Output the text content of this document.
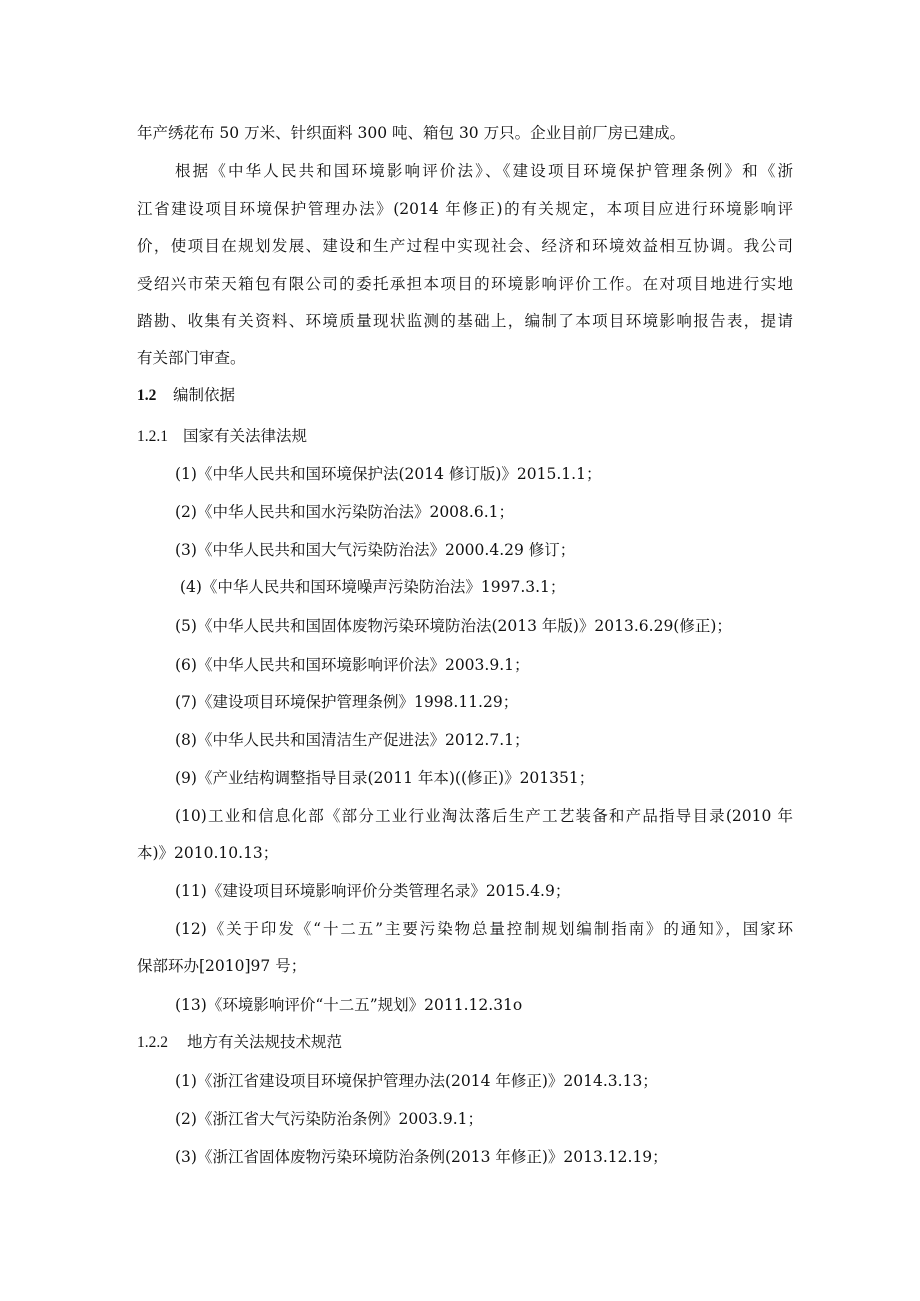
年产绣花布 50 万米、针织面料 300 吨、箱包 30 万只。企业目前厂房已建成。
根据《中华人民共和国环境影响评价法》、《建设项目环境保护管理条例》和《浙
江省建设项目环境保护管理办法》(2014 年修正)的有关规定，本项目应进行环境影响评
价，使项目在规划发展、建设和生产过程中实现社会、经济和环境效益相互协调。我公司
受绍兴市荣天箱包有限公司的委托承担本项目的环境影响评价工作。在对项目地进行实地
踏勘、收集有关资料、环境质量现状监测的基础上，编制了本项目环境影响报告表，提请
有关部门审查。
1.2 编制依据
1.2.1 国家有关法律法规
(1)《中华人民共和国环境保护法(2014 修订版)》2015.1.1；
(2)《中华人民共和国水污染防治法》2008.6.1；
(3)《中华人民共和国大气污染防治法》2000.4.29 修订；
(4)《中华人民共和国环境噪声污染防治法》1997.3.1；
(5)《中华人民共和国固体废物污染环境防治法(2013 年版)》2013.6.29(修正)；
(6)《中华人民共和国环境影响评价法》2003.9.1；
(7)《建设项目环境保护管理条例》1998.11.29；
(8)《中华人民共和国清洁生产促进法》2012.7.1；
(9)《产业结构调整指导目录(2011 年本)((修正)》201351；
(10)工业和信息化部《部分工业行业淘汰落后生产工艺装备和产品指导目录(2010 年
本)》2010.10.13；
(11)《建设项目环境影响评价分类管理名录》2015.4.9；
(12)《关于印发《“十二五”主要污染物总量控制规划编制指南》的通知》，国家环
保部环办[2010]97 号；
(13)《环境影响评价“十二五”规划》2011.12.31o
1.2.2 地方有关法规技术规范
(1)《浙江省建设项目环境保护管理办法(2014 年修正)》2014.3.13；
(2)《浙江省大气污染防治条例》2003.9.1；
(3)《浙江省固体废物污染环境防治条例(2013 年修正)》2013.12.19；
